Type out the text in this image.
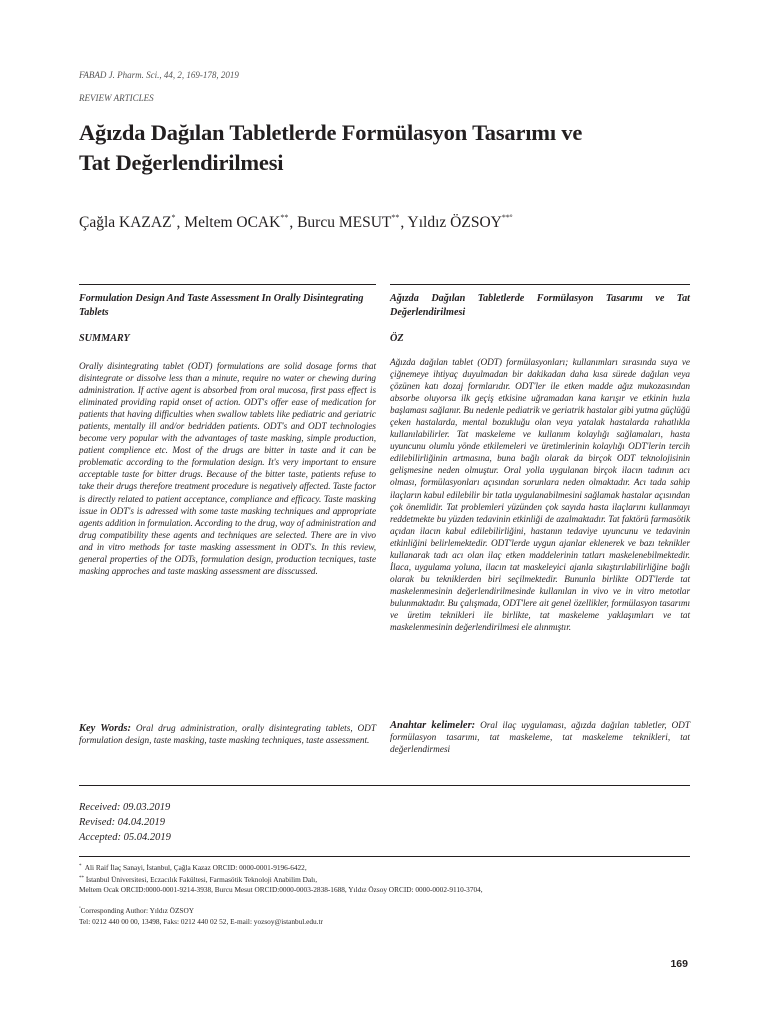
FABAD J. Pharm. Sci., 44, 2, 169-178, 2019
REVIEW ARTICLES
Ağızda Dağılan Tabletlerde Formülasyon Tasarımı ve
Tat Değerlendirilmesi
Çağla KAZAZ*, Meltem OCAK**, Burcu MESUT**, Yıldız $ÖZSOY^{**º}$
Formulation Design And Taste Assessment In Orally Disintegrating Tablets
SUMMARY
Orally disintegrating tablet (ODT) formulations are solid dosage forms that disintegrate or dissolve less than a minute, require no water or chewing during administration. If active agent is absorbed from oral mucosa, first pass effect is eliminated providing rapid onset of action. ODT's offer ease of medication for patients that having difficulties when swallow tablets like pediatric and geriatric patients, mentally ill and/or bedridden patients. ODT's and ODT technologies become very popular with the advantages of taste masking, simple production, patient complience etc. Most of the drugs are bitter in taste and it can be problematic according to the formulation design. It's very important to ensure acceptable taste for bitter drugs. Because of the bitter taste, patients refuse to take their drugs therefore treatment procedure is negatively affected. Taste factor is directly related to patient acceptance, compliance and efficacy. Taste masking issue in ODT's is adressed with some taste masking techniques and appropriate agents addition in formulation. According to the drug, way of administration and drug compatibility these agents and techniques are selected. There are in vivo and in vitro methods for taste masking assessment in ODT's. In this review, general properties of the ODTs, formulation design, production tecniques, taste masking approches and taste masking assessment are disscussed.
Key Words: Oral drug administration, orally disintegrating tablets, ODT formulation design, taste masking, taste masking techniques, taste assessment.
Ağızda Dağılan Tabletlerde Formülasyon Tasarımı ve Tat Değerlendirilmesi
ÖZ
Ağızda dağılan tablet (ODT) formülasyonları; kullanımları sırasında suya ve çiğnemeye ihtiyaç duyulmadan bir dakikadan daha kısa sürede dağılan veya çözünen katı dozaj formlarıdır. ODT'ler ile etken madde ağız mukozasından absorbe oluyorsa ilk geçiş etkisine uğramadan kana karışır ve etkinin hızla başlaması sağlanır. Bu nedenle pediatrik ve geriatrik hastalar gibi yutma güçlüğü çeken hastalarda, mental bozukluğu olan veya yatalak hastalarda rahatlıkla kullanılabilirler. Tat maskeleme ve kullanım kolaylığı sağlamaları, hasta uyuncunu olumlu yönde etkilemeleri ve üretimlerinin kolaylığı ODT'lerin tercih edilebilirliğinin artmasına, buna bağlı olarak da birçok ODT teknolojisinin gelişmesine neden olmuştur. Oral yolla uygulanan birçok ilacın tadının acı olması, formülasyonları açısından sorunlara neden olmaktadır. Acı tada sahip ilaçların kabul edilebilir bir tatla uygulanabilmesini sağlamak hastalar açısından çok önemlidir. Tat problemleri yüzünden çok sayıda hasta ilaçlarını kullanmayı reddetmekte bu yüzden tedavinin etkinliği de azalmaktadır. Tat faktörü farmasötik açıdan ilacın kabul edilebilirliğini, hastanın tedaviye uyuncunu ve tedavinin etkinliğini belirlemektedir. ODT'lerde uygun ajanlar eklenerek ve bazı teknikler kullanarak tadı acı olan ilaç etken maddelerinin tatları maskelenebilmektedir. İlaca, uygulama yoluna, ilacın tat maskeleyici ajanla sıkıştırılabilirliğine bağlı olarak bu tekniklerden biri seçilmektedir. Bununla birlikte ODT'lerde tat maskelenmesinin değerlendirilmesinde kullanılan in vivo ve in vitro metotlar bulunmaktadır. Bu çalışmada, ODT'lere ait genel özellikler, formülasyon tasarımı ve üretim teknikleri ile birlikte, tat maskeleme yaklaşımları ve tat maskelenmesinin değerlendirilmesi ele alınmıştır.
Anahtar kelimeler: Oral ilaç uygulaması, ağızda dağılan tabletler, ODT formülasyon tasarımı, tat maskeleme, tat maskeleme teknikleri, tat değerlendirmesi
Received: 09.03.2019
Revised: 04.04.2019
Accepted: 05.04.2019
* Ali Raif İlaç Sanayi, İstanbul, Çağla Kazaz ORCID: 0000-0001-9196-6422,
** İstanbul Üniversitesi, Eczacılık Fakültesi, Farmasötik Teknoloji Anabilim Dalı,
Meltem Ocak ORCID:0000-0001-9214-3938, Burcu Mesut ORCID:0000-0003-2838-1688, Yıldız Özsoy ORCID: 0000-0002-9110-3704,
$^º$Corresponding Author: Yıldız ÖZSOY
Tel: 0212 440 00 00, 13498, Faks: 0212 440 02 52, E-mail: yozsoy@istanbul.edu.tr
169
